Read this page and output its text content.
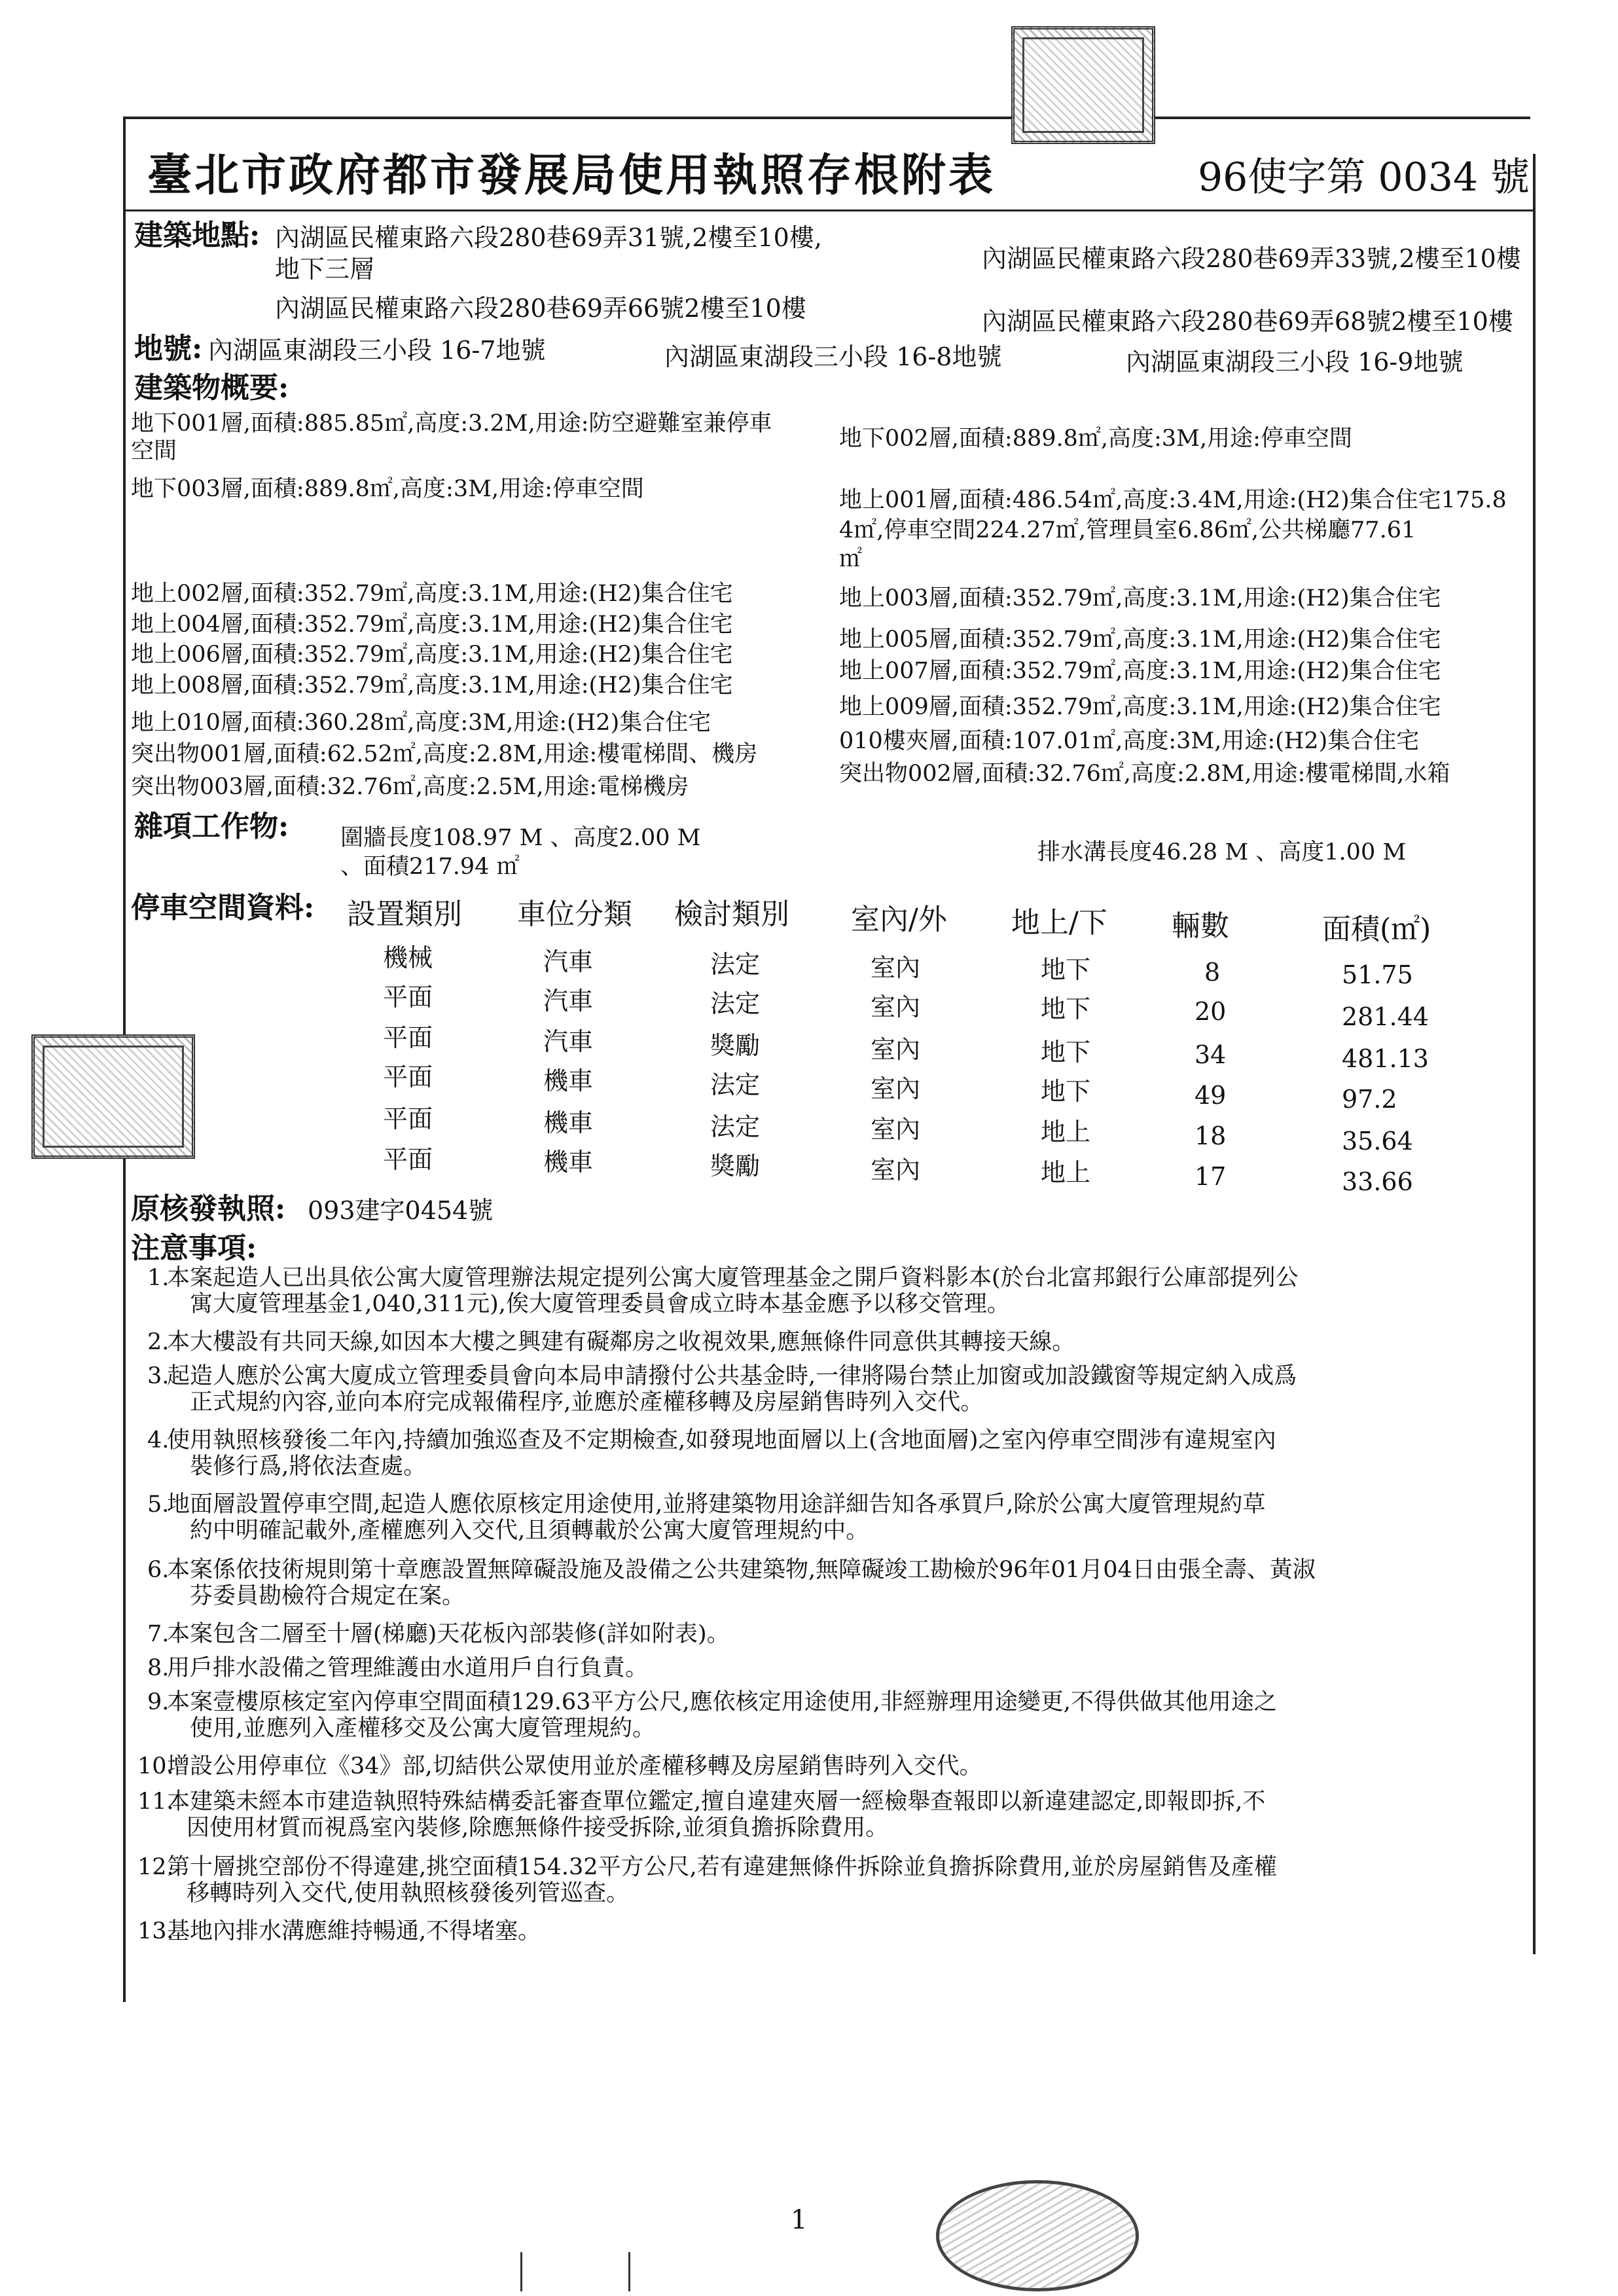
臺北市政府都市發展局使用執照存根附表	96使字第 0034 號
建築地點: 內湖區民權東路六段280巷69弄31號,2樓至10樓,
地下三層	內湖區民權東路六段280巷69弄33號,2樓至10樓
內湖區民權東路六段280巷69弄66號2樓至10樓	內湖區民權東路六段280巷69弄68號2樓至10樓
地號: 內湖區東湖段三小段 16-7地號	內湖區東湖段三小段 16-8地號	內湖區東湖段三小段 16-9地號
建築物概要:
地下001層,面積:885.85㎡,高度:3.2M,用途:防空避難室兼停車
空間	地下002層,面積:889.8㎡,高度:3M,用途:停車空間
地下003層,面積:889.8㎡,高度:3M,用途:停車空間	地上001層,面積:486.54㎡,高度:3.4M,用途:(H2)集合住宅175.8
4㎡,停車空間224.27㎡,管理員室6.86㎡,公共梯廳77.61
㎡
地上002層,面積:352.79㎡,高度:3.1M,用途:(H2)集合住宅
地上004層,面積:352.79㎡,高度:3.1M,用途:(H2)集合住宅
地上006層,面積:352.79㎡,高度:3.1M,用途:(H2)集合住宅
地上008層,面積:352.79㎡,高度:3.1M,用途:(H2)集合住宅
地上010層,面積:360.28㎡,高度:3M,用途:(H2)集合住宅
突出物001層,面積:62.52㎡,高度:2.8M,用途:樓電梯間、機房
突出物003層,面積:32.76㎡,高度:2.5M,用途:電梯機房
地上003層,面積:352.79㎡,高度:3.1M,用途:(H2)集合住宅
地上005層,面積:352.79㎡,高度:3.1M,用途:(H2)集合住宅
地上007層,面積:352.79㎡,高度:3.1M,用途:(H2)集合住宅
地上009層,面積:352.79㎡,高度:3.1M,用途:(H2)集合住宅
010樓夾層,面積:107.01㎡,高度:3M,用途:(H2)集合住宅
突出物002層,面積:32.76㎡,高度:2.8M,用途:樓電梯間,水箱
雜項工作物: 圍牆長度108.97 M 、高度2.00 M
、面積217.94 ㎡
排水溝長度46.28 M 、高度1.00 M
停車空間資料: 設置類別 車位分類 檢討類別 室內/外 地上/下 輛數	面積(㎡)
機械	汽車	法定	室內	地下	8	51.75
平面	汽車	法定	室內	地下	20	281.44
平面	汽車	獎勵	室內	地下	34	481.13
平面	機車	法定	室內	地下	49	97.2
平面	機車	法定	室內	地上	18	35.64
平面	機車	獎勵	室內	地上	17	33.66
原核發執照: 093建字0454號
注意事項:
1.
本案起造人已出具依公寓大廈管理辦法規定提列公寓大廈管理基金之開戶資料影本(於台北富邦銀行公庫部提列公
寓大廈管理基金1,040,311元),俟大廈管理委員會成立時本基金應予以移交管理。
2.
本大樓設有共同天線,如因本大樓之興建有礙鄰房之收視效果,應無條件同意供其轉接天線。
3.
起造人應於公寓大廈成立管理委員會向本局申請撥付公共基金時,一律將陽台禁止加窗或加設鐵窗等規定納入成爲
正式規約內容,並向本府完成報備程序,並應於產權移轉及房屋銷售時列入交代。
4.
使用執照核發後二年內,持續加強巡查及不定期檢查,如發現地面層以上(含地面層)之室內停車空間涉有違規室內
裝修行爲,將依法查處。
5.
地面層設置停車空間,起造人應依原核定用途使用,並將建築物用途詳細告知各承買戶,除於公寓大廈管理規約草
約中明確記載外,產權應列入交代,且須轉載於公寓大廈管理規約中。
6.
本案係依技術規則第十章應設置無障礙設施及設備之公共建築物,無障礙竣工勘檢於96年01月04日由張全壽、黃淑
芬委員勘檢符合規定在案。
7.
本案包含二層至十層(梯廳)天花板內部裝修(詳如附表)。
8.
用戶排水設備之管理維護由水道用戶自行負責。
9.
本案壹樓原核定室內停車空間面積129.63平方公尺,應依核定用途使用,非經辦理用途變更,不得供做其他用途之
使用,並應列入產權移交及公寓大廈管理規約。
10.
增設公用停車位《34》部,切結供公眾使用並於產權移轉及房屋銷售時列入交代。
11.
本建築未經本市建造執照特殊結構委託審查單位鑑定,擅自違建夾層一經檢舉查報即以新違建認定,即報即拆,不
因使用材質而視爲室內裝修,除應無條件接受拆除,並須負擔拆除費用。
12.
第十層挑空部份不得違建,挑空面積154.32平方公尺,若有違建無條件拆除並負擔拆除費用,並於房屋銷售及產權
移轉時列入交代,使用執照核發後列管巡查。
13.
基地內排水溝應維持暢通,不得堵塞。
1
